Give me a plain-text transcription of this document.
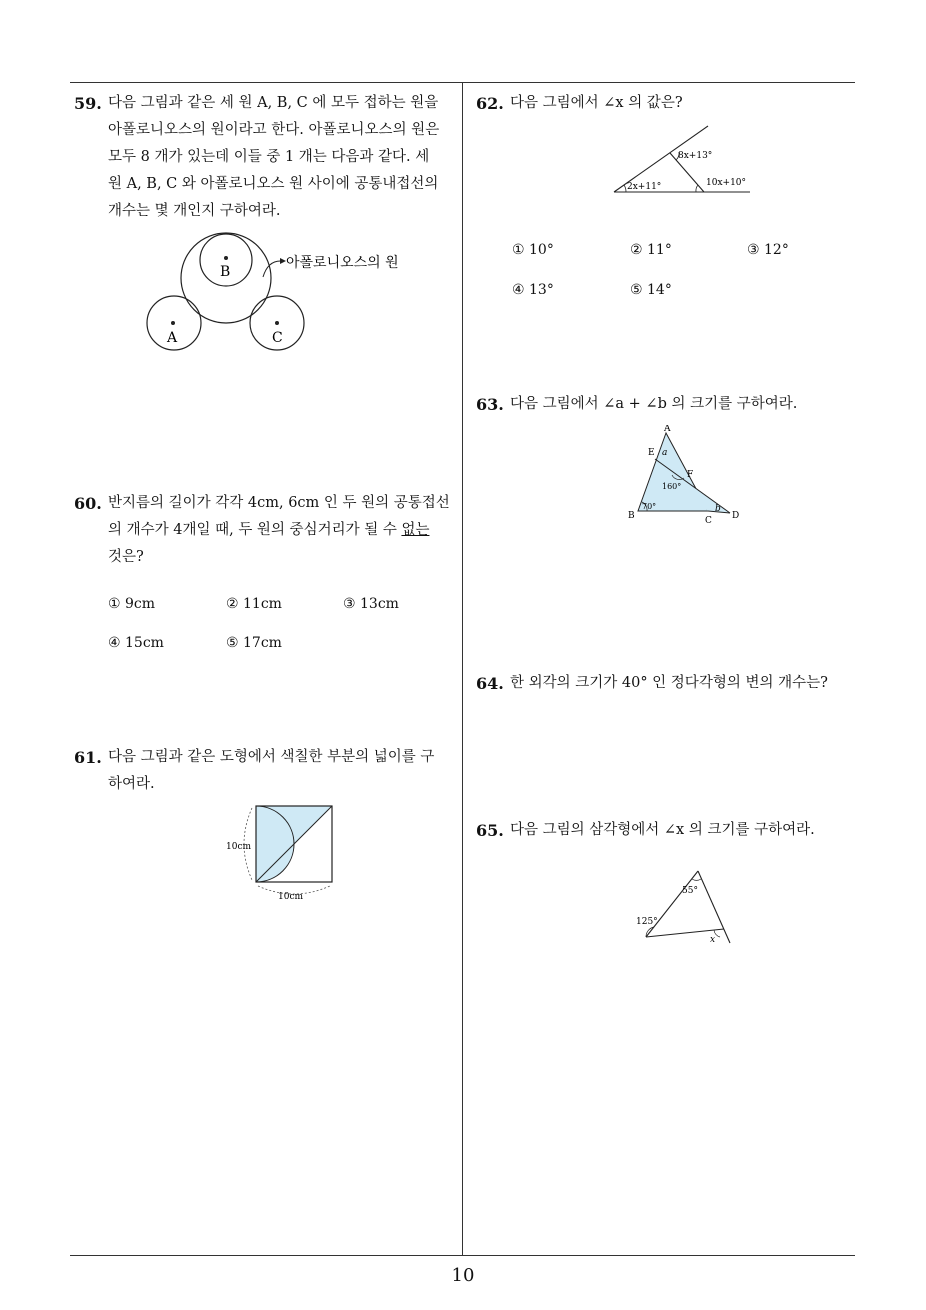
10
59. 다음 그림과 같은 세 원 A, B, C 에 모두 접하는 원을
아폴로니오스의 원이라고 한다. 아폴로니오스의 원은
모두 8 개가 있는데 이들 중 1 개는 다음과 같다. 세
원 A, B, C 와 아폴로니오스 원 사이에 공통내접선의
개수는 몇 개인지 구하여라.
B
A	C
아폴로니오스의 원
60. 반지름의 길이가 각각 4cm, 6cm 인 두 원의 공통접선
의 개수가 4개일 때, 두 원의 중심거리가 될 수 없는
것은?
① 9cm	② 11cm	③ 13cm
④ 15cm	⑤ 17cm
61. 다음 그림과 같은 도형에서 색칠한 부분의 넓이를 구
하여라.
10cm
10cm
62. 다음 그림에서 ∠x 의 값은?
2x+11°
8x+13°
10x+10°
① 10°	② 11°	③ 12°
④ 13°	⑤ 14°
63. 다음 그림에서 ∠a + ∠b 의 크기를 구하여라.
A
B	C D
E
F
a
b
160°
70°
64. 한 외각의 크기가 40° 인 정다각형의 변의 개수는?
65. 다음 그림의 삼각형에서 ∠x 의 크기를 구하여라.
55°
125°
x
